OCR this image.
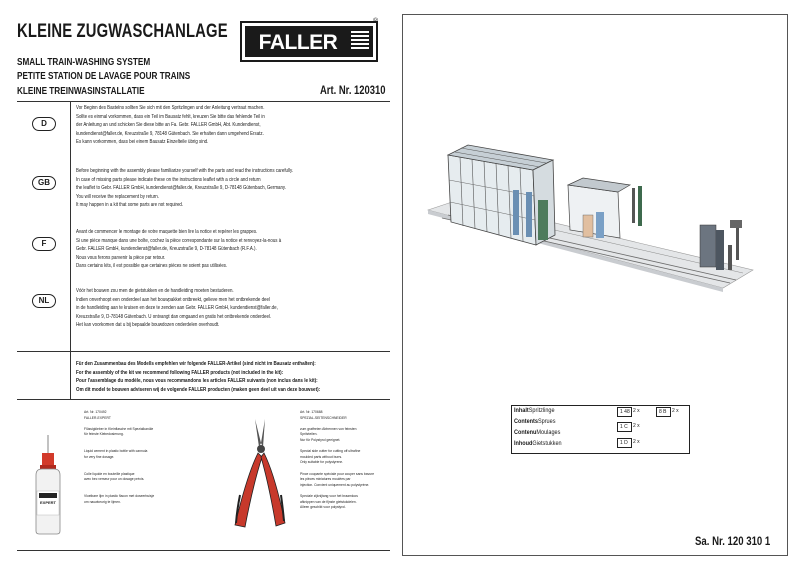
KLEINE ZUGWASCHANLAGE
SMALL TRAIN-WASHING SYSTEM
PETITE STATION DE LAVAGE POUR TRAINS
KLEINE TREINWASINSTALLATIE	Art. Nr. 120310
FALLER
®
D
Vor Beginn des Bastelns sollten Sie sich mit den Spritzlingen und der Anleitung vertraut machen.
Sollte es einmal vorkommen, dass ein Teil im Bausatz fehlt, kreuzen Sie bitte das fehlende Teil in
der Anleitung an und schicken Sie diese bitte an Fa. Gebr. FALLER GmbH, Abt. Kundendienst,
kundendienst@faller.de, Kreuzstraße 9, 78148 Gütenbach. Sie erhalten dann umgehend Ersatz.
Es kann vorkommen, dass bei einem Bausatz Einzelteile übrig sind.
GB
Before beginning with the assembly please familiarize yourself with the parts and read the instructions carefully.
In case of missing parts please indicate these on the instructions leaflet with a circle and return
the leaflet to Gebr. FALLER GmbH, kundendienst@faller.de, Kreuzstraße 9, D-78148 Gütenbach, Germany.
You will receive the replacement by return.
It may happen in a kit that some parts are not required.
F
Avant de commencer le montage de votre maquette bien lire la notice et repérer les grappes.
Si une pièce manque dans une boîte, cochez la pièce correspondante sur la notice et renvoyez-la-nous à
Gebr. FALLER GmbH, kundendienst@faller.de, Kreuzstraße 9, D-78148 Gütenbach (R.F.A.).
Nous vous ferons parvenir la pièce par retour.
Dans certains kits, il est possible que certaines pièces ne soient pas utilisées.
NL
Vóór het bouwen zou men de gietstukken en de handleiding moeten bestuderen.
Indien onverhoopt een onderdeel aan het bouwpakket ontbreekt, gelieve men het ontbrekende deel
in de handleiding aan te kruisen en deze te zenden aan Gebr. FALLER GmbH, kundendienst@faller.de,
Kreuzstraße 9, D-78148 Gütenbach. U ontvangt dan omgaand en gratis het ontbrekende onderdeel.
Het kan voorkomen dat u bij bepaalde bouwdozen onderdelen overhoudt.
Für den Zusammenbau des Modells empfehlen wir folgende FALLER-Artikel (sind nicht im Bausatz enthalten):
For the assembly of the kit we recommend following FALLER products (not included in the kit):
Pour l'assemblage du modèle, nous vous recommandons les articles FALLER suivants (non inclus dans le kit):
Om dit model te bouwen adviseren wij de volgende FALLER producten (maken geen deel uit van deze bouwset):
EXPERT
Art. Nr. 170492
FALLER-EXPERT

Flüssigkleber in Kleinflasche mit Spezialkanüle
für feinste Klebedosierung.

Liquid cement in plastic bottle with cannula
for very fine dosage.

Colle liquide en bouteille plastique
avec bec verseur pour un dosage précis.

Vloeibare lijm in plastic flacon met doseerbuisje
om nauwkeurig te lijmen.
Art. Nr. 170688
SPEZIAL-SEITENSCHNEIDER

zum gratfreien Abtrennen von feinsten
Spritzteilen.
Nur für Polystyrol geeignet.

Special side cutter for cutting off ultrafine
moulded parts without burrs.
Only suitable for polystyrene.

Pince coupante spéciale pour couper sans bavure
les pièces miniatures moulées par
injection. Convient uniquement au polystyrène.

Speciale zijknijtang voor het braamloos
afknippen van de fijnste gietstukdelen.
Alleen geschikt voor polystyrol.
InhaltSpritzlinge
ContentsSprues
ContenuMoulages
InhoudGietstukken
1 48 2 x	8 B	2 x
1 C	2 x
1 D	2 x
Sa. Nr. 120 310 1
